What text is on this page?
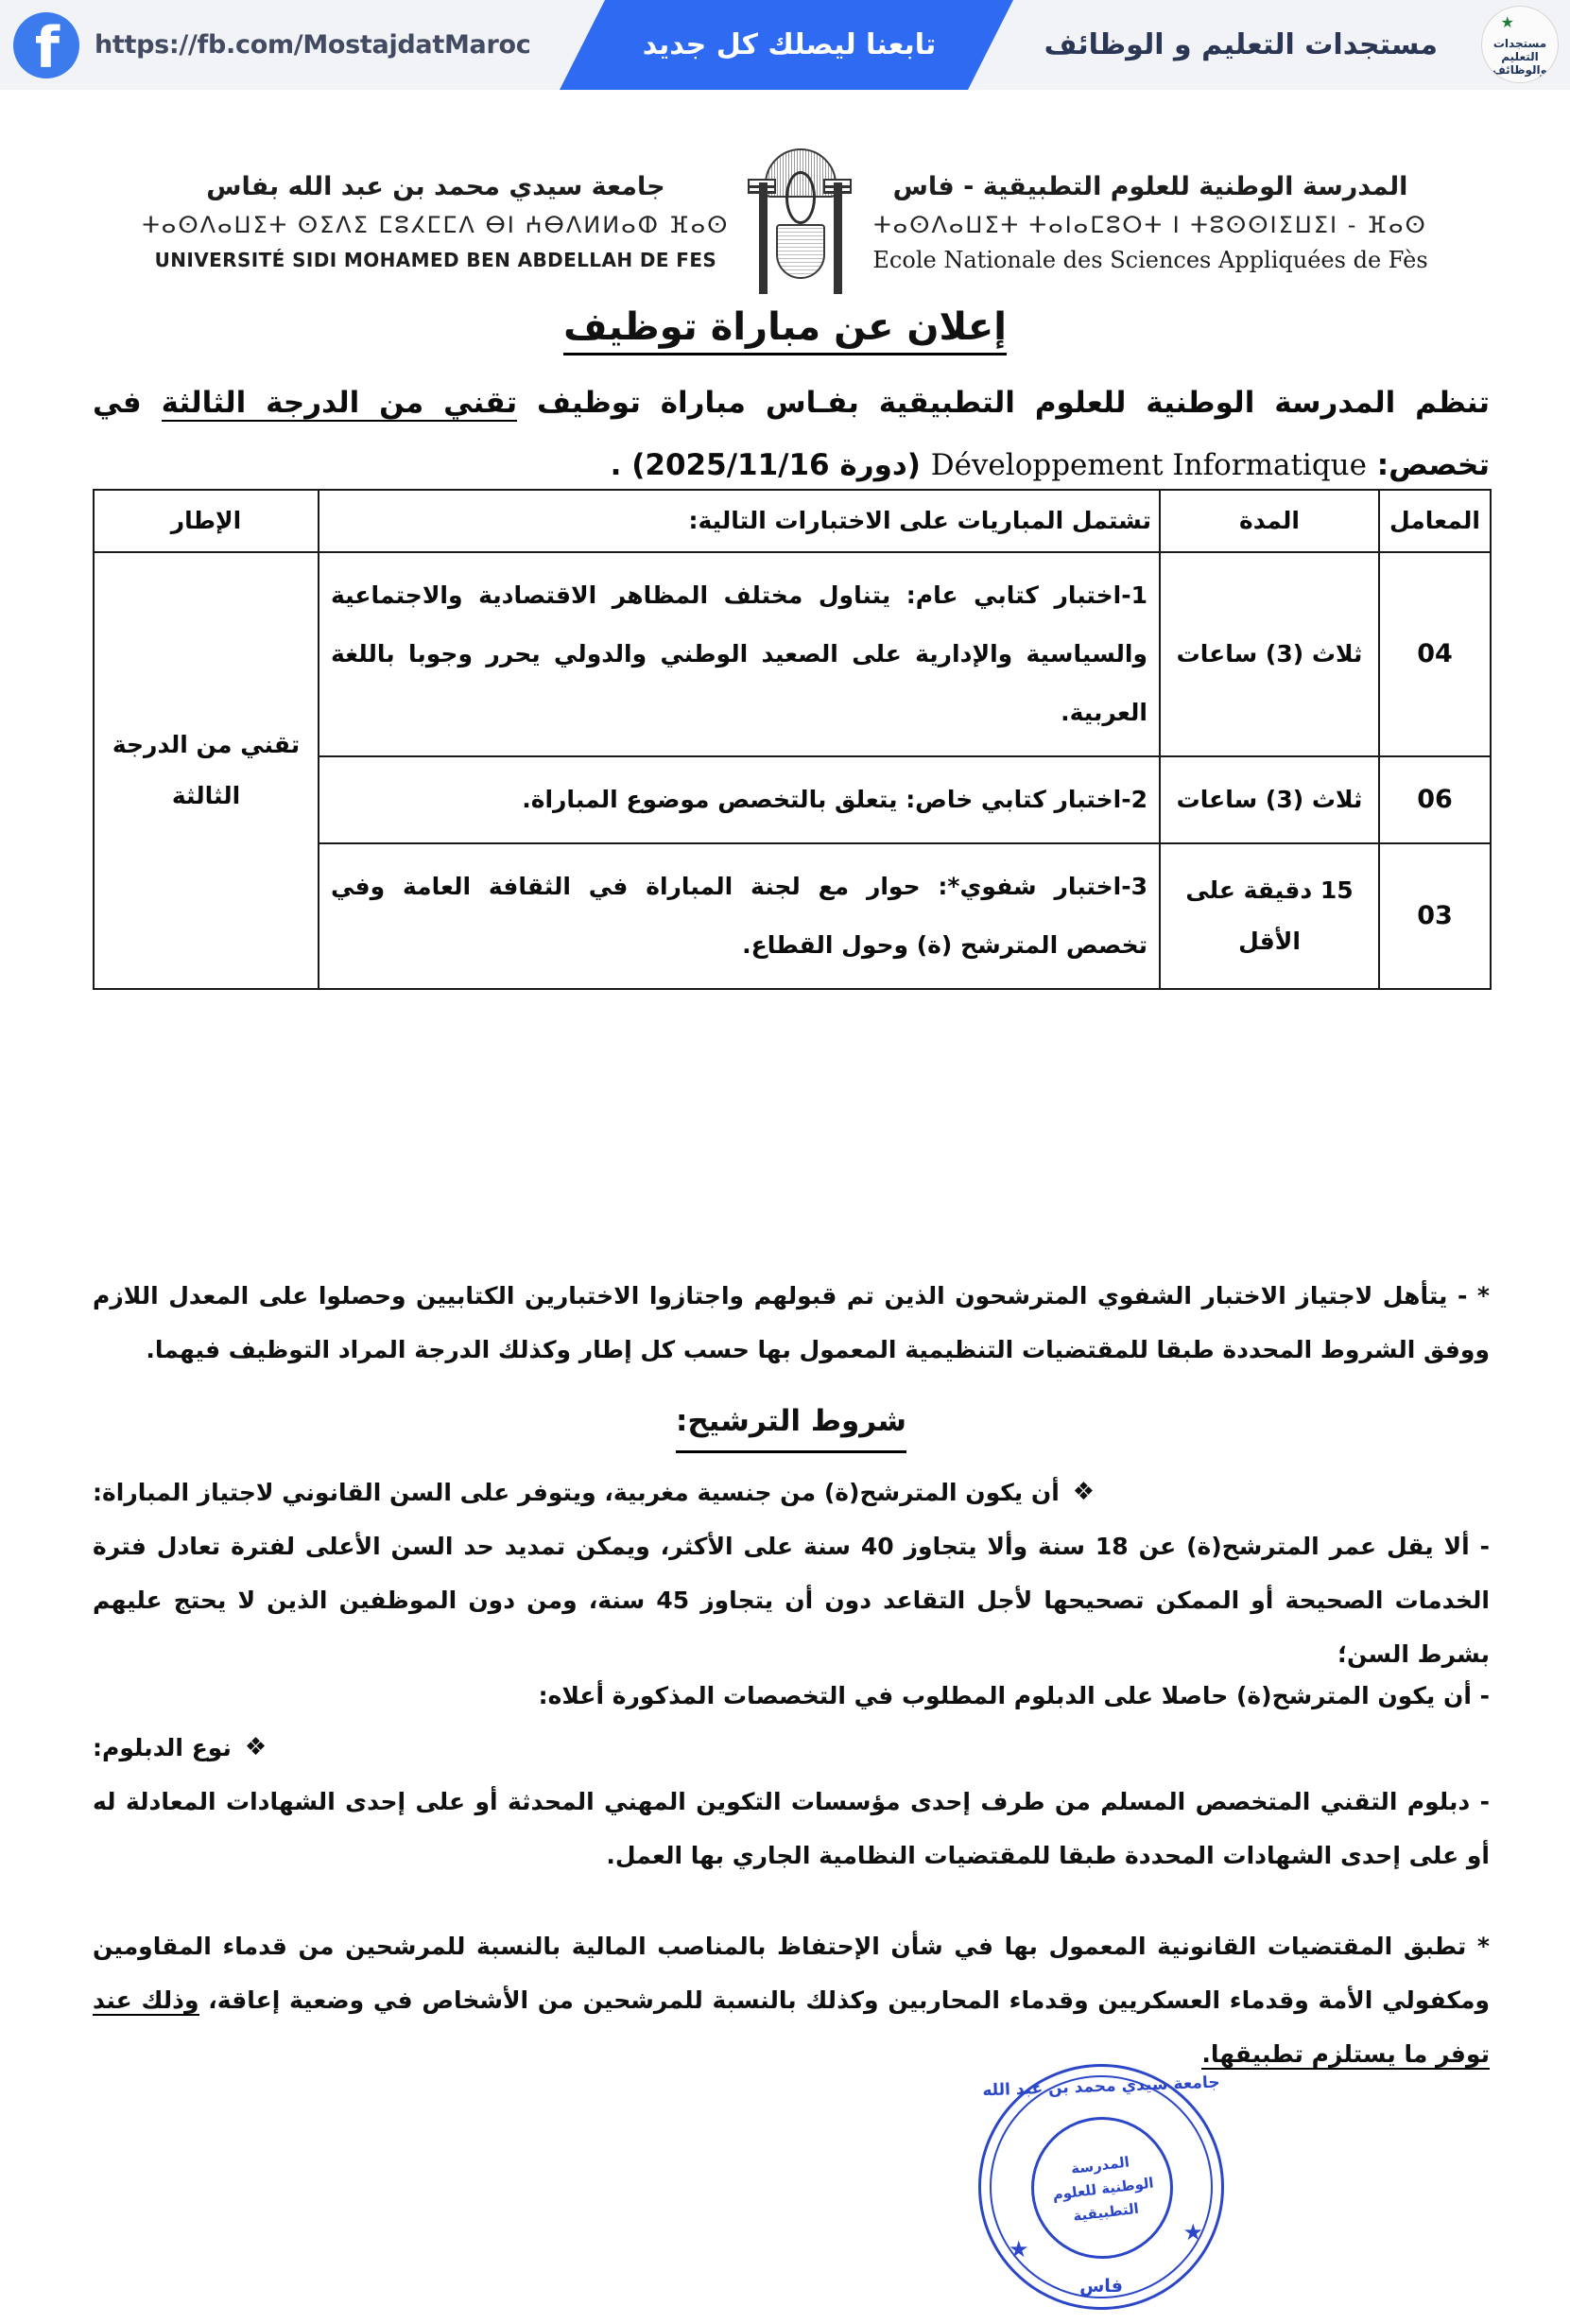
تابعنا ليصلك كل جديد
f https://fb.com/MostajdatMaroc	مستجدات التعليم و الوظائف
★
مستجدات التعليم
والوظائف
جامعة سيدي محمد بن عبد الله بفاس
ⵜⴰⵙⴷⴰⵡⵉⵜ ⵙⵉⴷⵉ ⵎⵓⵃⵎⵎⴷ ⴱⵏ ⵄⴱⴷⵍⵍⴰⵀ ⴼⴰⵙ
UNIVERSITÉ SIDI MOHAMED BEN ABDELLAH DE FES
المدرسة الوطنية للعلوم التطبيقية - فاس
ⵜⴰⵙⴷⴰⵡⵉⵜ ⵜⴰⵏⴰⵎⵓⵔⵜ ⵏ ⵜⵓⵙⵙⵏⵉⵡⵉⵏ - ⴼⴰⵙ
Ecole Nationale des Sciences Appliquées de Fès
إعلان عن مباراة توظيف
تنظم المدرسة الوطنية للعلوم التطبيقية بفـاس مباراة توظيف تقني من الدرجة الثالثة في تخصص: Développement Informatique (دورة 2025/11/16) .
المعامل	المدة	تشتمل المباريات على الاختبارات التالية:	الإطار
04	ثلاث (3) ساعات	1-اختبار كتابي عام: يتناول مختلف المظاهر الاقتصادية والاجتماعية والسياسية والإدارية على الصعيد الوطني والدولي يحرر وجوبا باللغة العربية.	تقني من الدرجة الثالثة
06	ثلاث (3) ساعات	2-اختبار كتابي خاص: يتعلق بالتخصص موضوع المباراة.	
03	15 دقيقة على الأقل	3-اختبار شفوي*: حوار مع لجنة المباراة في الثقافة العامة وفي تخصص المترشح (ة) وحول القطاع.	
* - يتأهل لاجتياز الاختبار الشفوي المترشحون الذين تم قبولهم واجتازوا الاختبارين الكتابيين وحصلوا على المعدل اللازم ووفق الشروط المحددة طبقا للمقتضيات التنظيمية المعمول بها حسب كل إطار وكذلك الدرجة المراد التوظيف فيهما.
شروط الترشيح:
❖
أن يكون المترشح(ة) من جنسية مغربية، ويتوفر على السن القانوني لاجتياز المباراة:
- ألا يقل عمر المترشح(ة) عن 18 سنة وألا يتجاوز 40 سنة على الأكثر، ويمكن تمديد حد السن الأعلى لفترة تعادل فترة الخدمات الصحيحة أو الممكن تصحيحها لأجل التقاعد دون أن يتجاوز 45 سنة، ومن دون الموظفين الذين لا يحتج عليهم بشرط السن؛
- أن يكون المترشح(ة) حاصلا على الدبلوم المطلوب في التخصصات المذكورة أعلاه:
❖
نوع الدبلوم:
- دبلوم التقني المتخصص المسلم من طرف إحدى مؤسسات التكوين المهني المحدثة أو على إحدى الشهادات المعادلة له أو على إحدى الشهادات المحددة طبقا للمقتضيات النظامية الجاري بها العمل.
* تطبق المقتضيات القانونية المعمول بها في شأن الإحتفاظ بالمناصب المالية بالنسبة للمرشحين من قدماء المقاومين ومكفولي الأمة وقدماء العسكريين وقدماء المحاربين وكذلك بالنسبة للمرشحين من الأشخاص في وضعية إعاقة، وذلك عند توفر ما يستلزم تطبيقها.
جامعة سيدي محمد بن عبد الله
المدرسة
الوطنية للعلوم
التطبيقية
★
★
فاس
